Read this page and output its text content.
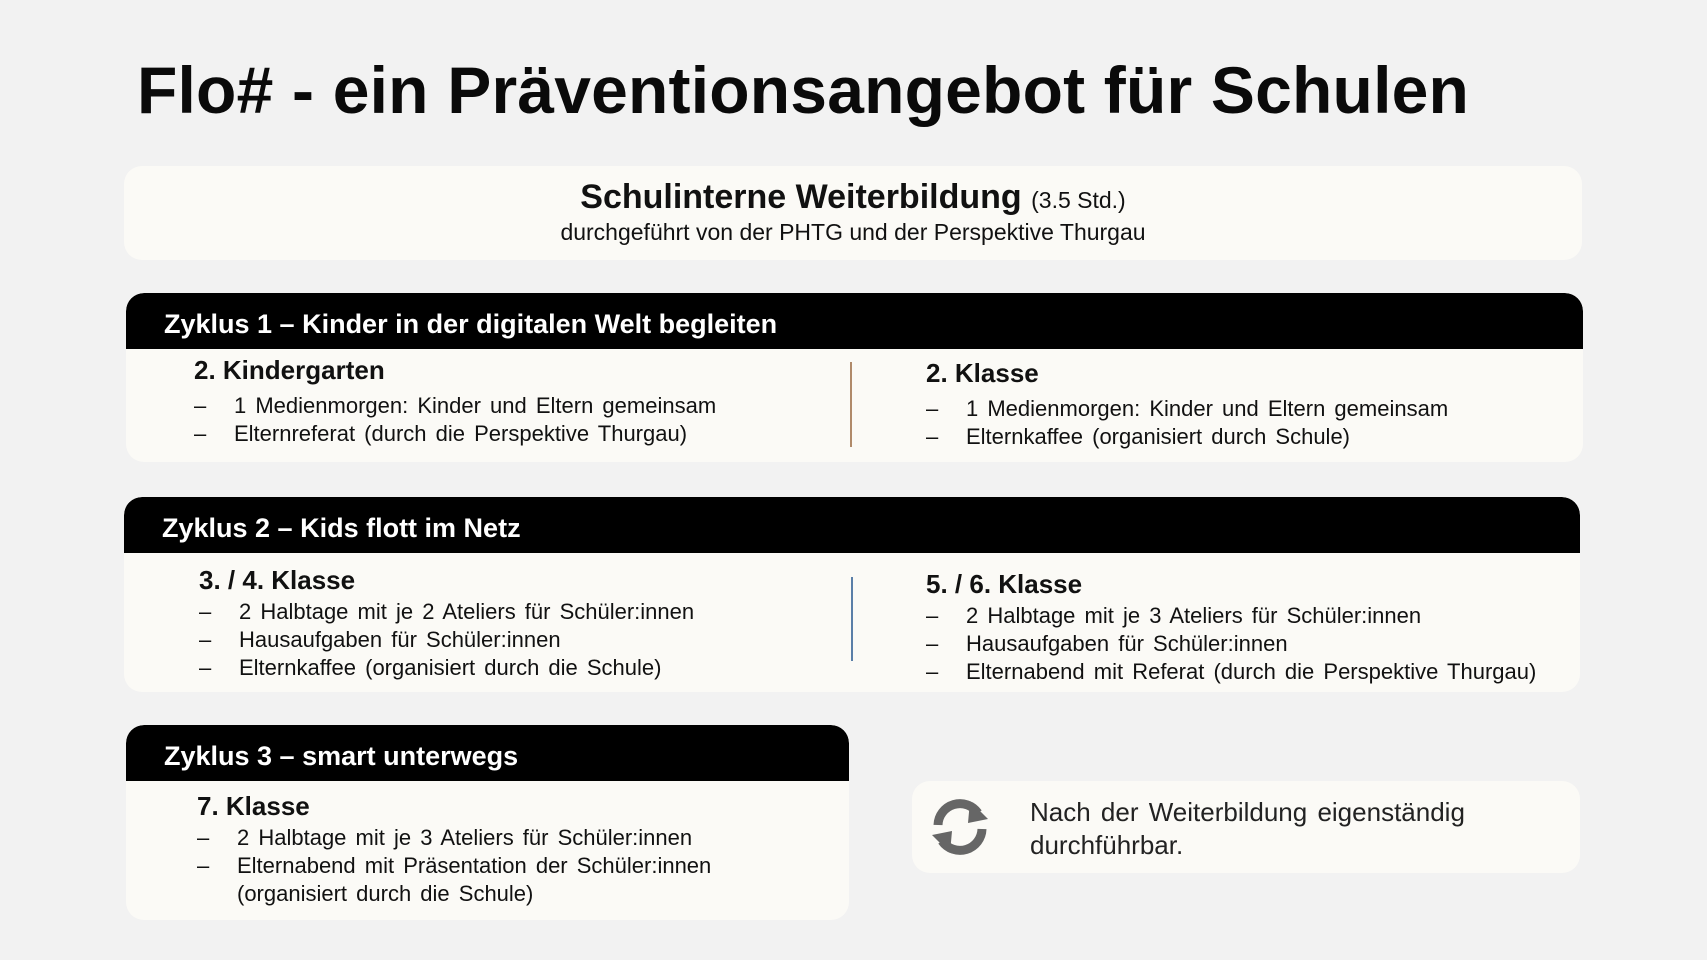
Flo# - ein Präventionsangebot für Schulen
Schulinterne Weiterbildung (3.5 Std.)
durchgeführt von der PHTG und der Perspektive Thurgau
Zyklus 1 – Kinder in der digitalen Welt begleiten
2. Kindergarten
– 1 Medienmorgen: Kinder und Eltern gemeinsam
– Elternreferat (durch die Perspektive Thurgau)
2. Klasse
– 1 Medienmorgen: Kinder und Eltern gemeinsam
– Elternkaffee (organisiert durch Schule)
Zyklus 2 – Kids flott im Netz
3. / 4. Klasse
– 2 Halbtage mit je 2 Ateliers für Schüler:innen
– Hausaufgaben für Schüler:innen
– Elternkaffee (organisiert durch die Schule)
5. / 6. Klasse
– 2 Halbtage mit je 3 Ateliers für Schüler:innen
– Hausaufgaben für Schüler:innen
– Elternabend mit Referat (durch die Perspektive Thurgau)
Zyklus 3 – smart unterwegs
7. Klasse
– 2 Halbtage mit je 3 Ateliers für Schüler:innen
– Elternabend mit Präsentation der Schüler:innen
(organisiert durch die Schule)
Nach der Weiterbildung eigenständig
durchführbar.
